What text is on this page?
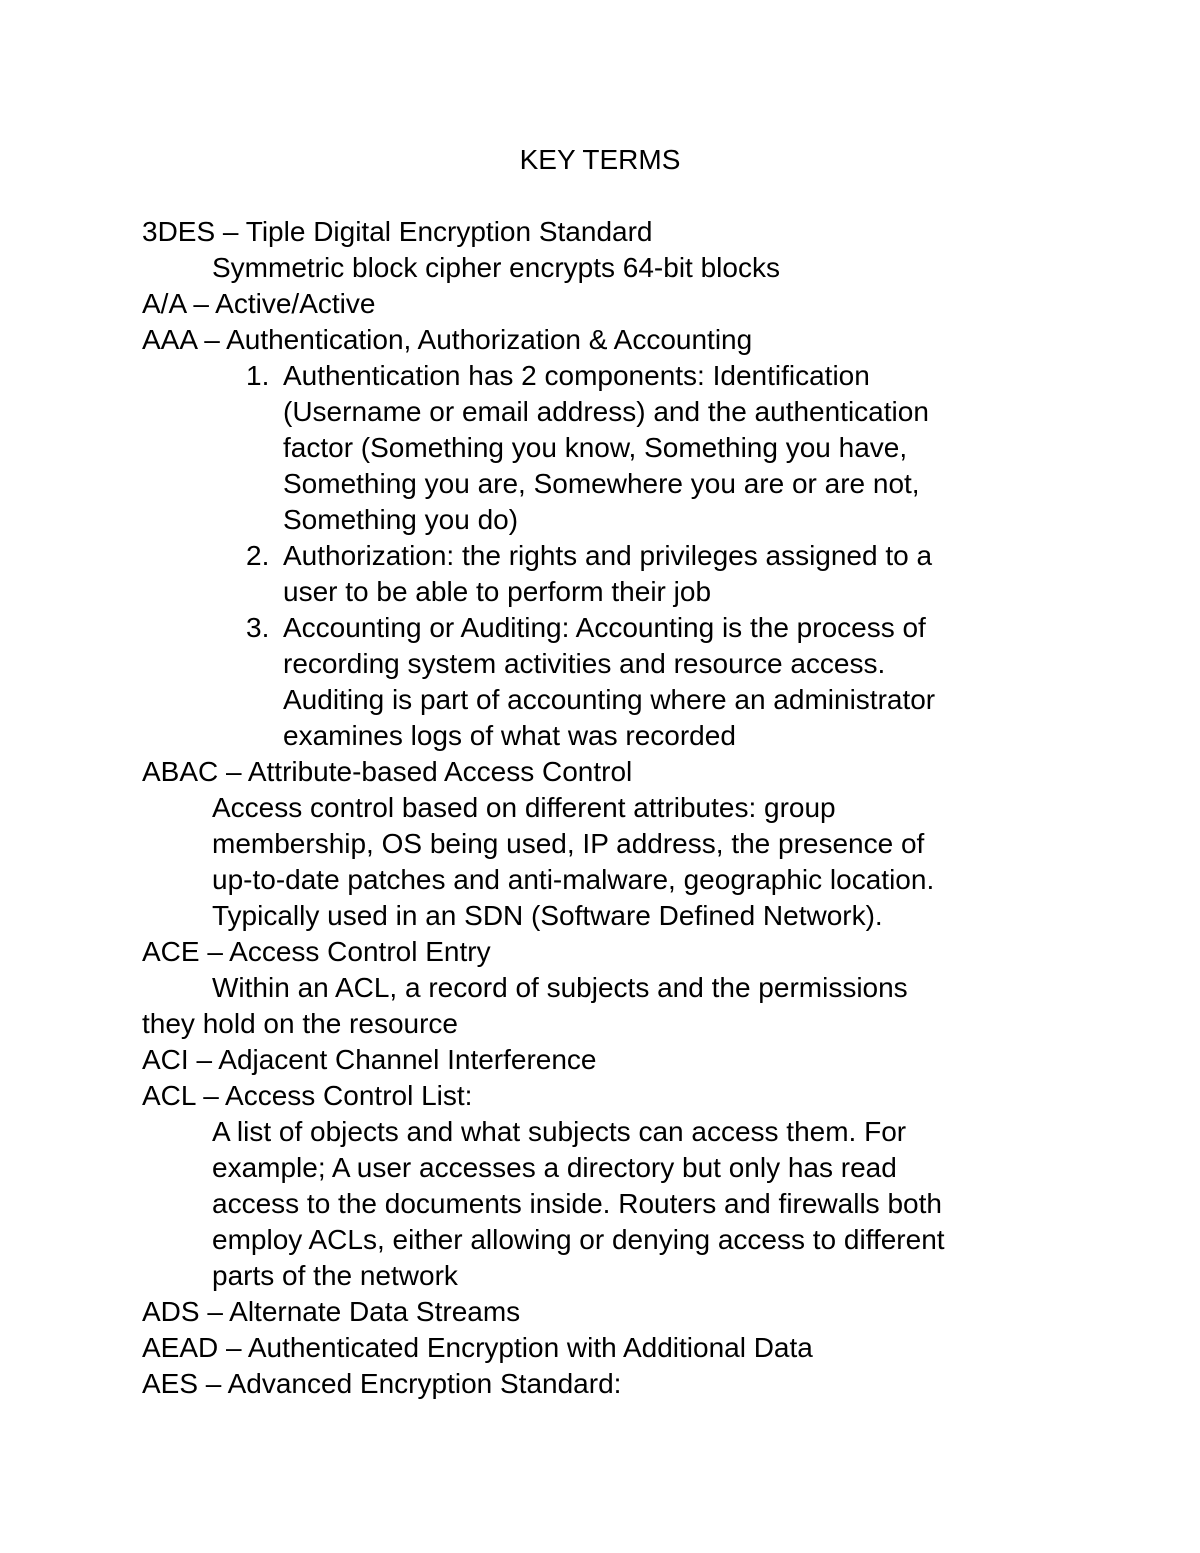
KEY TERMS
3DES – Tiple Digital Encryption Standard
Symmetric block cipher encrypts 64-bit blocks
A/A – Active/Active
AAA – Authentication, Authorization & Accounting
1. Authentication has 2 components: Identification
(Username or email address) and the authentication
factor (Something you know, Something you have,
Something you are, Somewhere you are or are not,
Something you do)
2. Authorization: the rights and privileges assigned to a
user to be able to perform their job
3. Accounting or Auditing: Accounting is the process of
recording system activities and resource access.
Auditing is part of accounting where an administrator
examines logs of what was recorded
ABAC – Attribute-based Access Control
Access control based on different attributes: group
membership, OS being used, IP address, the presence of
up-to-date patches and anti-malware, geographic location.
Typically used in an SDN (Software Defined Network).
ACE – Access Control Entry
Within an ACL, a record of subjects and the permissions
they hold on the resource
ACI – Adjacent Channel Interference
ACL – Access Control List:
A list of objects and what subjects can access them. For
example; A user accesses a directory but only has read
access to the documents inside. Routers and firewalls both
employ ACLs, either allowing or denying access to different
parts of the network
ADS – Alternate Data Streams
AEAD – Authenticated Encryption with Additional Data
AES – Advanced Encryption Standard:
